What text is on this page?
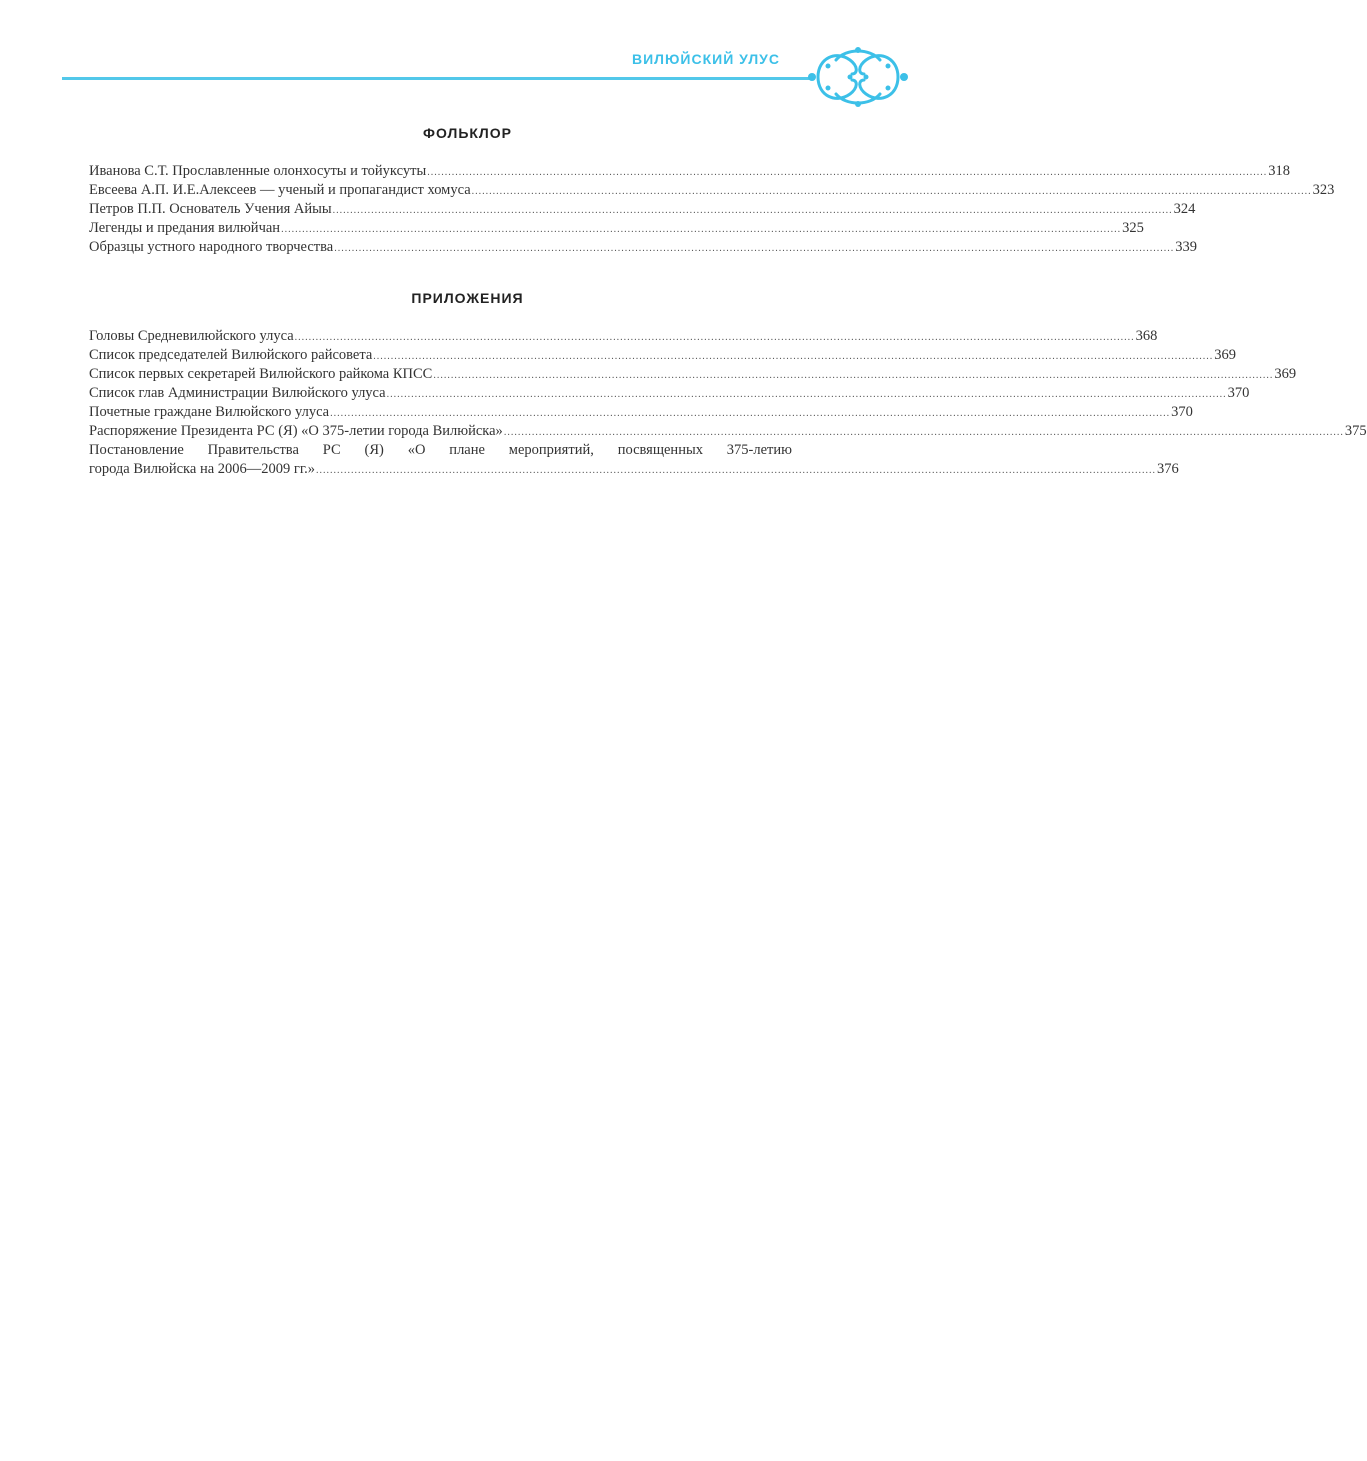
ВИЛЮЙСКИЙ УЛУС
ФОЛЬКЛОР
Иванова С.Т. Прославленные олонхосуты и тойуксуты ................................................................................................................................................................................................................................................ 318
Евсеева А.П. И.Е.Алексеев — ученый и пропагандист хомуса ................................................................................................................................................................................................................................................ 323
Петров П.П. Основатель Учения Айыы ................................................................................................................................................................................................................................................ 324
Легенды и предания вилюйчан ................................................................................................................................................................................................................................................ 325
Образцы устного народного творчества ................................................................................................................................................................................................................................................ 339
ПРИЛОЖЕНИЯ
Головы Средневилюйского улуса ................................................................................................................................................................................................................................................ 368
Список председателей Вилюйского райсовета ................................................................................................................................................................................................................................................ 369
Список первых секретарей Вилюйского райкома КПСС ................................................................................................................................................................................................................................................ 369
Список глав Администрации Вилюйского улуса ................................................................................................................................................................................................................................................ 370
Почетные граждане Вилюйского улуса ................................................................................................................................................................................................................................................ 370
Распоряжение Президента РС (Я) «О 375-летии города Вилюйска» ................................................................................................................................................................................................................................................ 375
Постановление Правительства РС (Я) «О плане мероприятий, посвященных 375-летию
города Вилюйска на 2006—2009 гг.» ................................................................................................................................................................................................................................................ 376
